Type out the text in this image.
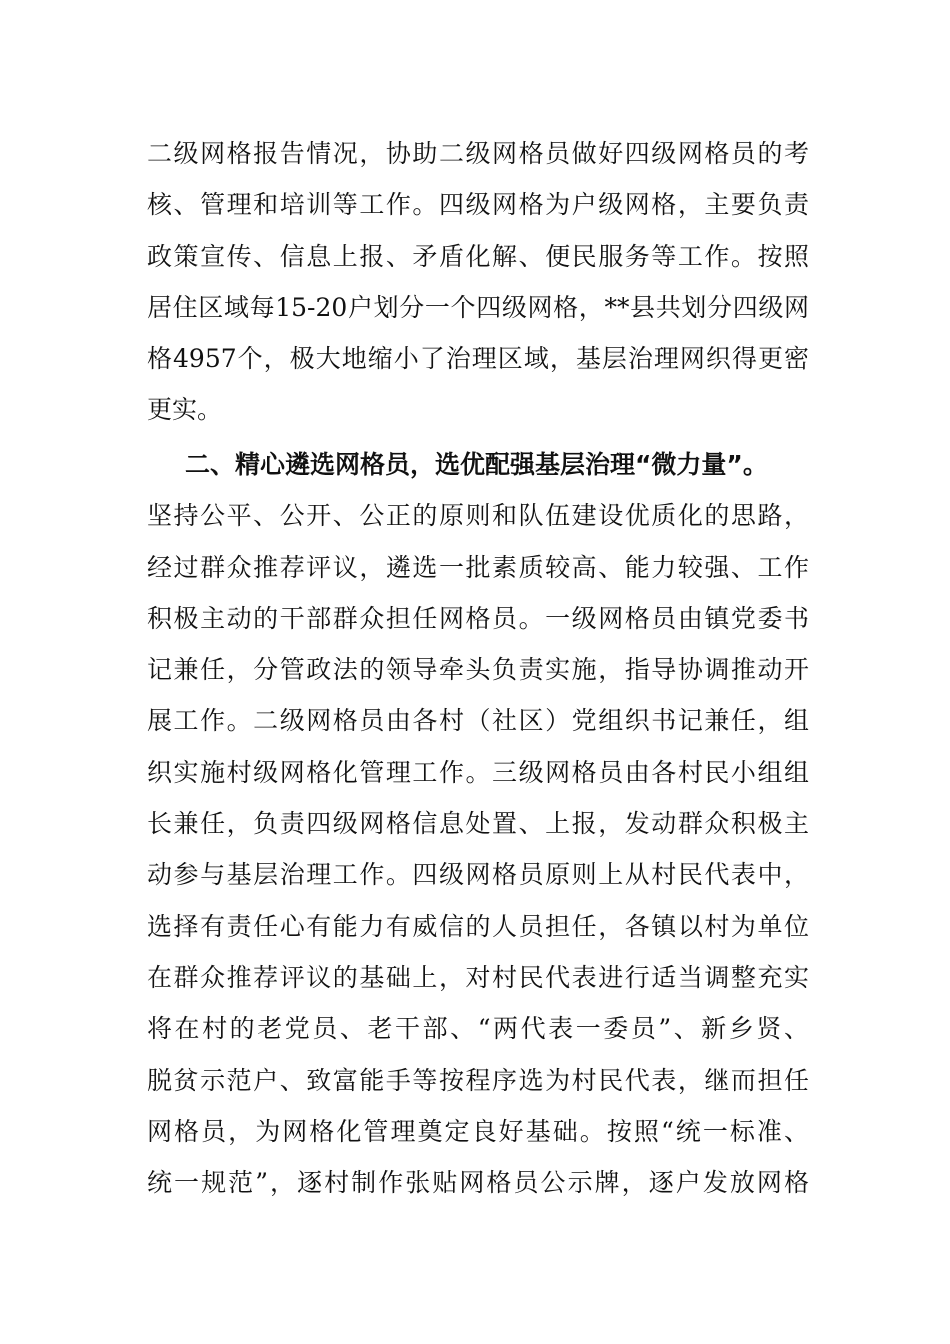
二级网格报告情况，协助二级网格员做好四级网格员的考
核、管理和培训等工作。四级网格为户级网格，主要负责
政策宣传、信息上报、矛盾化解、便民服务等工作。按照
居住区域每15-20户划分一个四级网格，**县共划分四级网
格4957个，极大地缩小了治理区域，基层治理网织得更密
更实。
二、精心遴选网格员，选优配强基层治理“微力量”。
坚持公平、公开、公正的原则和队伍建设优质化的思路，
经过群众推荐评议，遴选一批素质较高、能力较强、工作
积极主动的干部群众担任网格员。一级网格员由镇党委书
记兼任，分管政法的领导牵头负责实施，指导协调推动开
展工作。二级网格员由各村（社区）党组织书记兼任，组
织实施村级网格化管理工作。三级网格员由各村民小组组
长兼任，负责四级网格信息处置、上报，发动群众积极主
动参与基层治理工作。四级网格员原则上从村民代表中，
选择有责任心有能力有威信的人员担任，各镇以村为单位
在群众推荐评议的基础上，对村民代表进行适当调整充实
将在村的老党员、老干部、“两代表一委员”、新乡贤、
脱贫示范户、致富能手等按程序选为村民代表，继而担任
网格员，为网格化管理奠定良好基础。按照“统一标准、
统一规范”，逐村制作张贴网格员公示牌，逐户发放网格
